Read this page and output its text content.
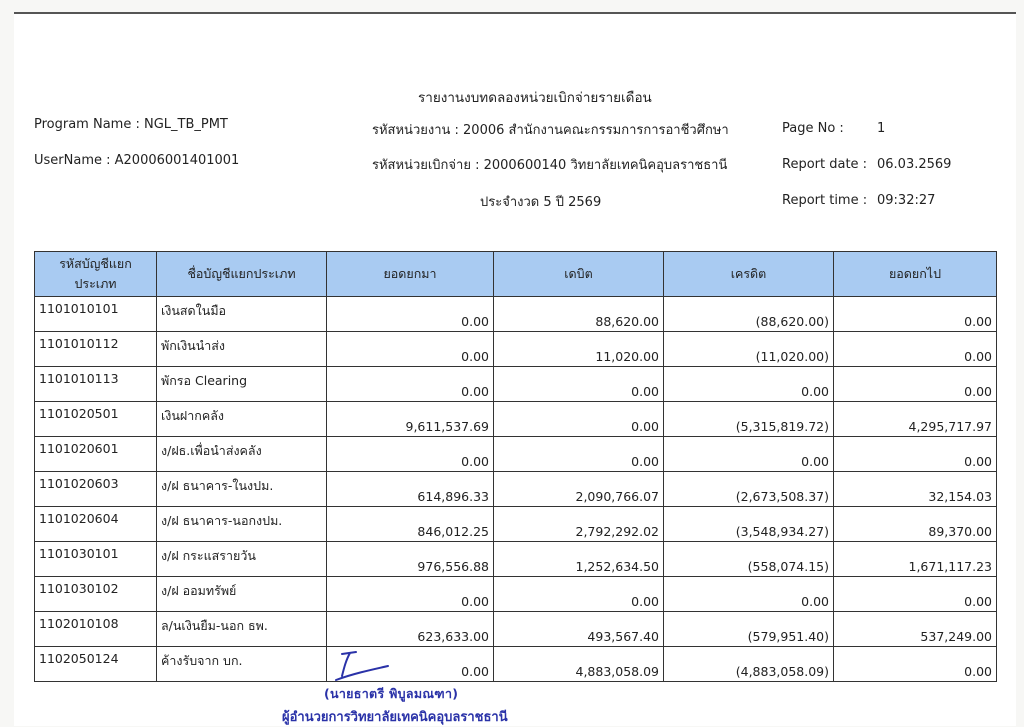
รายงานงบทดลองหน่วยเบิกจ่ายรายเดือน
Program Name : NGL_TB_PMT
UserName : A20006001401001
รหัสหน่วยงาน : 20006 สำนักงานคณะกรรมการการอาชีวศึกษา
รหัสหน่วยเบิกจ่าย : 2000600140 วิทยาลัยเทคนิคอุบลราชธานี
ประจำงวด 5 ปี 2569
Page No :	1
Report date : 06.03.2569
Report time : 09:32:27
รหัสบัญชีแยกประเภท	ชื่อบัญชีแยกประเภท	ยอดยกมา	เดบิต	เครดิต	ยอดยกไป
1101010101	เงินสดในมือ	0.00	88,620.00	(88,620.00)	0.00
1101010112	พักเงินนำส่ง	0.00	11,020.00	(11,020.00)	0.00
1101010113	พักรอ Clearing	0.00	0.00	0.00	0.00
1101020501	เงินฝากคลัง	9,611,537.69	0.00	(5,315,819.72)	4,295,717.97
1101020601	ง/ฝธ.เพื่อนำส่งคลัง	0.00	0.00	0.00	0.00
1101020603	ง/ฝ ธนาคาร-ในงปม.	614,896.33	2,090,766.07	(2,673,508.37)	32,154.03
1101020604	ง/ฝ ธนาคาร-นอกงปม.	846,012.25	2,792,292.02	(3,548,934.27)	89,370.00
1101030101	ง/ฝ กระแสรายวัน	976,556.88	1,252,634.50	(558,074.15)	1,671,117.23
1101030102	ง/ฝ ออมทรัพย์	0.00	0.00	0.00	0.00
1102010108	ล/นเงินยืม-นอก ธพ.	623,633.00	493,567.40	(579,951.40)	537,249.00
1102050124	ค้างรับจาก บก.	0.00	4,883,058.09	(4,883,058.09)	0.00
(นายธาตรี พิบูลมณฑา)
ผู้อำนวยการวิทยาลัยเทคนิคอุบลราชธานี
